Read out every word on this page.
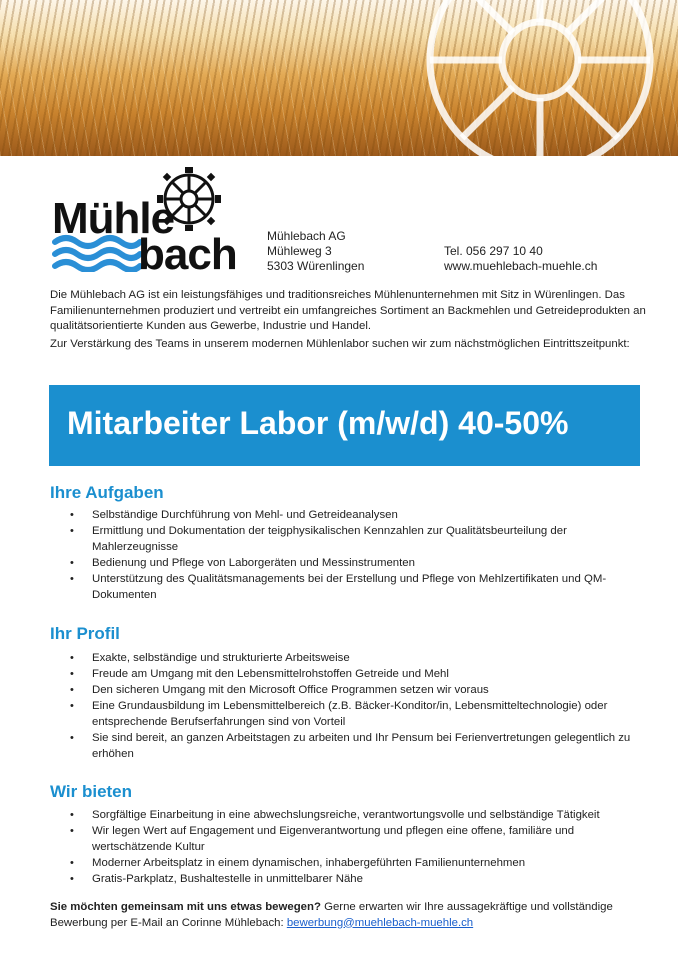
Mühle
bach	Mühlebach AG
Mühleweg 3
5303 Würenlingen
Tel. 056 297 10 40
www.muehlebach-muehle.ch
Die Mühlebach AG ist ein leistungsfähiges und traditionsreiches Mühlenunternehmen mit Sitz in Würenlingen. Das Familienunternehmen produziert und vertreibt ein umfangreiches Sortiment an Backmehlen und Getreideprodukten an qualitätsorientierte Kunden aus Gewerbe, Industrie und Handel.
Zur Verstärkung des Teams in unserem modernen Mühlenlabor suchen wir zum nächstmöglichen Eintrittszeitpunkt:
Mitarbeiter Labor (m/w/d) 40-50%
Ihre Aufgaben
• Selbständige Durchführung von Mehl- und Getreideanalysen
• Ermittlung und Dokumentation der teigphysikalischen Kennzahlen zur Qualitätsbeurteilung der Mahlerzeugnisse
• Bedienung und Pflege von Laborgeräten und Messinstrumenten
• Unterstützung des Qualitätsmanagements bei der Erstellung und Pflege von Mehlzertifikaten und QM-Dokumenten
Ihr Profil
• Exakte, selbständige und strukturierte Arbeitsweise
• Freude am Umgang mit den Lebensmittelrohstoffen Getreide und Mehl
• Den sicheren Umgang mit den Microsoft Office Programmen setzen wir voraus
• Eine Grundausbildung im Lebensmittelbereich (z.B. Bäcker-Konditor/in, Lebensmitteltechnologie) oder entsprechende Berufserfahrungen sind von Vorteil
• Sie sind bereit, an ganzen Arbeitstagen zu arbeiten und Ihr Pensum bei Ferienvertretungen gelegentlich zu erhöhen
Wir bieten
• Sorgfältige Einarbeitung in eine abwechslungsreiche, verantwortungsvolle und selbständige Tätigkeit
• Wir legen Wert auf Engagement und Eigenverantwortung und pflegen eine offene, familiäre und wertschätzende Kultur
• Moderner Arbeitsplatz in einem dynamischen, inhabergeführten Familienunternehmen
• Gratis-Parkplatz, Bushaltestelle in unmittelbarer Nähe
Sie möchten gemeinsam mit uns etwas bewegen? Gerne erwarten wir Ihre aussagekräftige und vollständige Bewerbung per E-Mail an Corinne Mühlebach: bewerbung@muehlebach-muehle.ch
